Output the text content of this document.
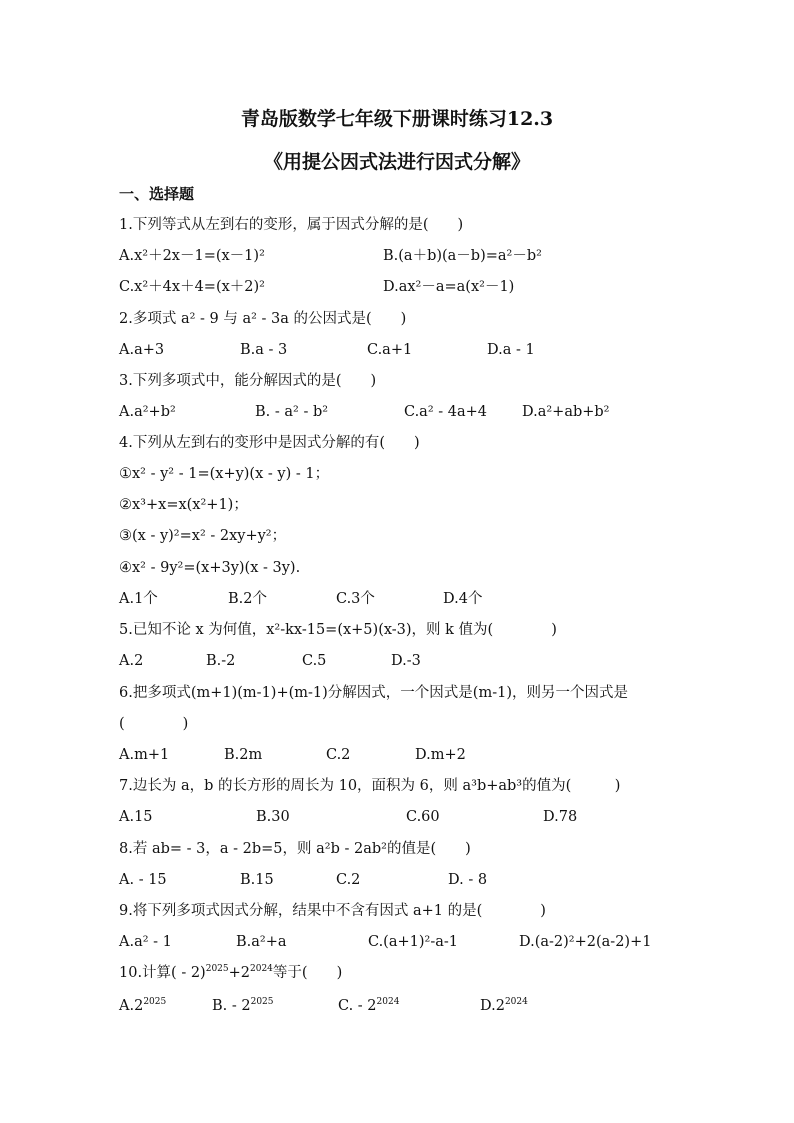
青岛版数学七年级下册课时练习12.3
《用提公因式法进行因式分解》
一、选择题
1.下列等式从左到右的变形，属于因式分解的是(　　)
A.x²＋2x－1=(x－1)²	B.(a＋b)(a－b)=a²－b²
C.x²＋4x＋4=(x＋2)²	D.ax²－a=a(x²－1)
2.多项式 a² - 9 与 a² - 3a 的公因式是(　　)
A.a+3	B.a - 3	C.a+1	D.a - 1
3.下列多项式中，能分解因式的是(　　)
A.a²+b²	B. - a² - b²	C.a² - 4a+4 D.a²+ab+b²
4.下列从左到右的变形中是因式分解的有(　　)
①x² - y² - 1=(x+y)(x - y) - 1；
②x³+x=x(x²+1)；
③(x - y)²=x² - 2xy+y²；
④x² - 9y²=(x+3y)(x - 3y).
A.1个	B.2个	C.3个	D.4个
5.已知不论 x 为何值，x²-kx-15=(x+5)(x-3)，则 k 值为(　　　　)
A.2	B.-2	C.5	D.-3
6.把多项式(m+1)(m-1)+(m-1)分解因式，一个因式是(m-1)，则另一个因式是
(　　　　)
A.m+1	B.2m	C.2	D.m+2
7.边长为 a，b 的长方形的周长为 10，面积为 6，则 a³b+ab³的值为(　　　)
A.15	B.30	C.60	D.78
8.若 ab= - 3，a - 2b=5，则 a²b - 2ab²的值是(　　)
A. - 15	B.15	C.2	D. - 8
9.将下列多项式因式分解，结果中不含有因式 a+1 的是(　　　　)
A.a² - 1	B.a²+a	C.(a+1)²-a-1	D.(a-2)²+2(a-2)+1
10.计算( - $2)^{2025}+2^{2024}$等于(　　)
$A.2^{2025}$	B. - $2^{2025}$	C. - $2^{2024}$	$D.2^{2024}$
